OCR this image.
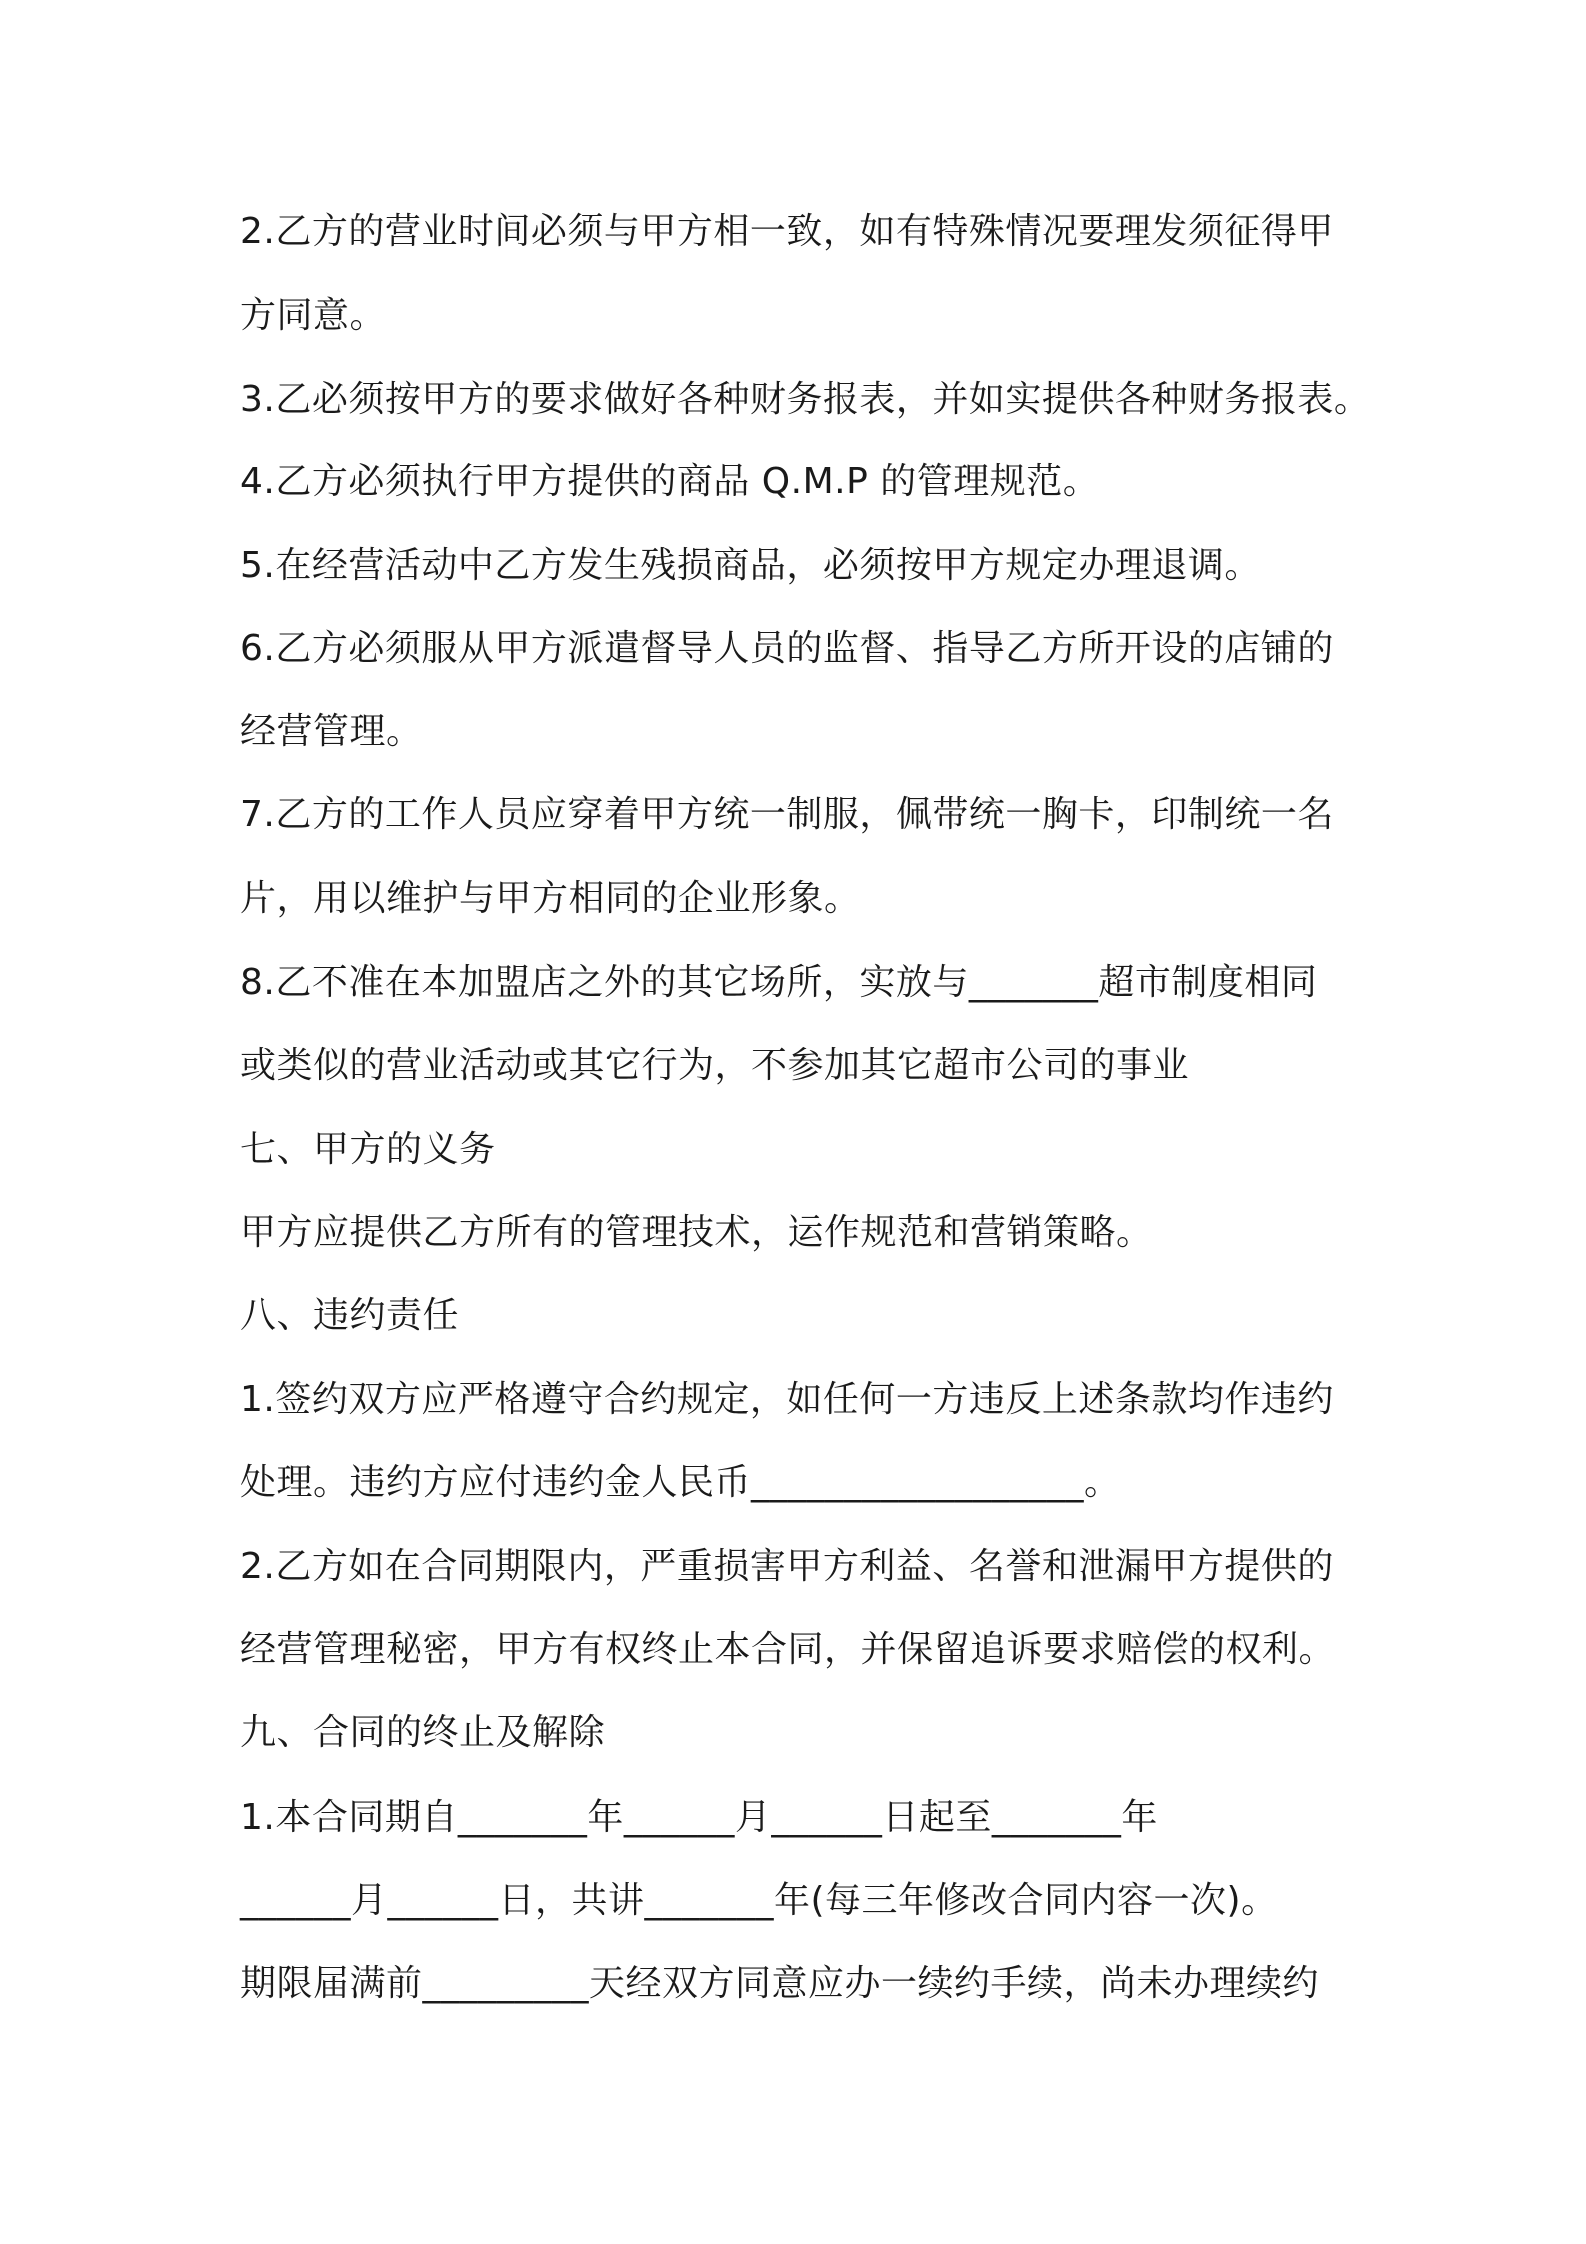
2.乙方的营业时间必须与甲方相一致，如有特殊情况要理发须征得甲
方同意。
3.乙必须按甲方的要求做好各种财务报表，并如实提供各种财务报表。
4.乙方必须执行甲方提供的商品 Q.M.P 的管理规范。
5.在经营活动中乙方发生残损商品，必须按甲方规定办理退调。
6.乙方必须服从甲方派遣督导人员的监督、指导乙方所开设的店铺的
经营管理。
7.乙方的工作人员应穿着甲方统一制服，佩带统一胸卡，印制统一名
片，用以维护与甲方相同的企业形象。
8.乙不准在本加盟店之外的其它场所，实放与_______超市制度相同
或类似的营业活动或其它行为，不参加其它超市公司的事业
七、甲方的义务
甲方应提供乙方所有的管理技术，运作规范和营销策略。
八、违约责任
1.签约双方应严格遵守合约规定，如任何一方违反上述条款均作违约
处理。违约方应付违约金人民币__________________。
2.乙方如在合同期限内，严重损害甲方利益、名誉和泄漏甲方提供的
经营管理秘密，甲方有权终止本合同，并保留追诉要求赔偿的权利。
九、合同的终止及解除
1.本合同期自_______年______月______日起至_______年
______月______日，共讲_______年(每三年修改合同内容一次)。
期限届满前_________天经双方同意应办一续约手续，尚未办理续约
